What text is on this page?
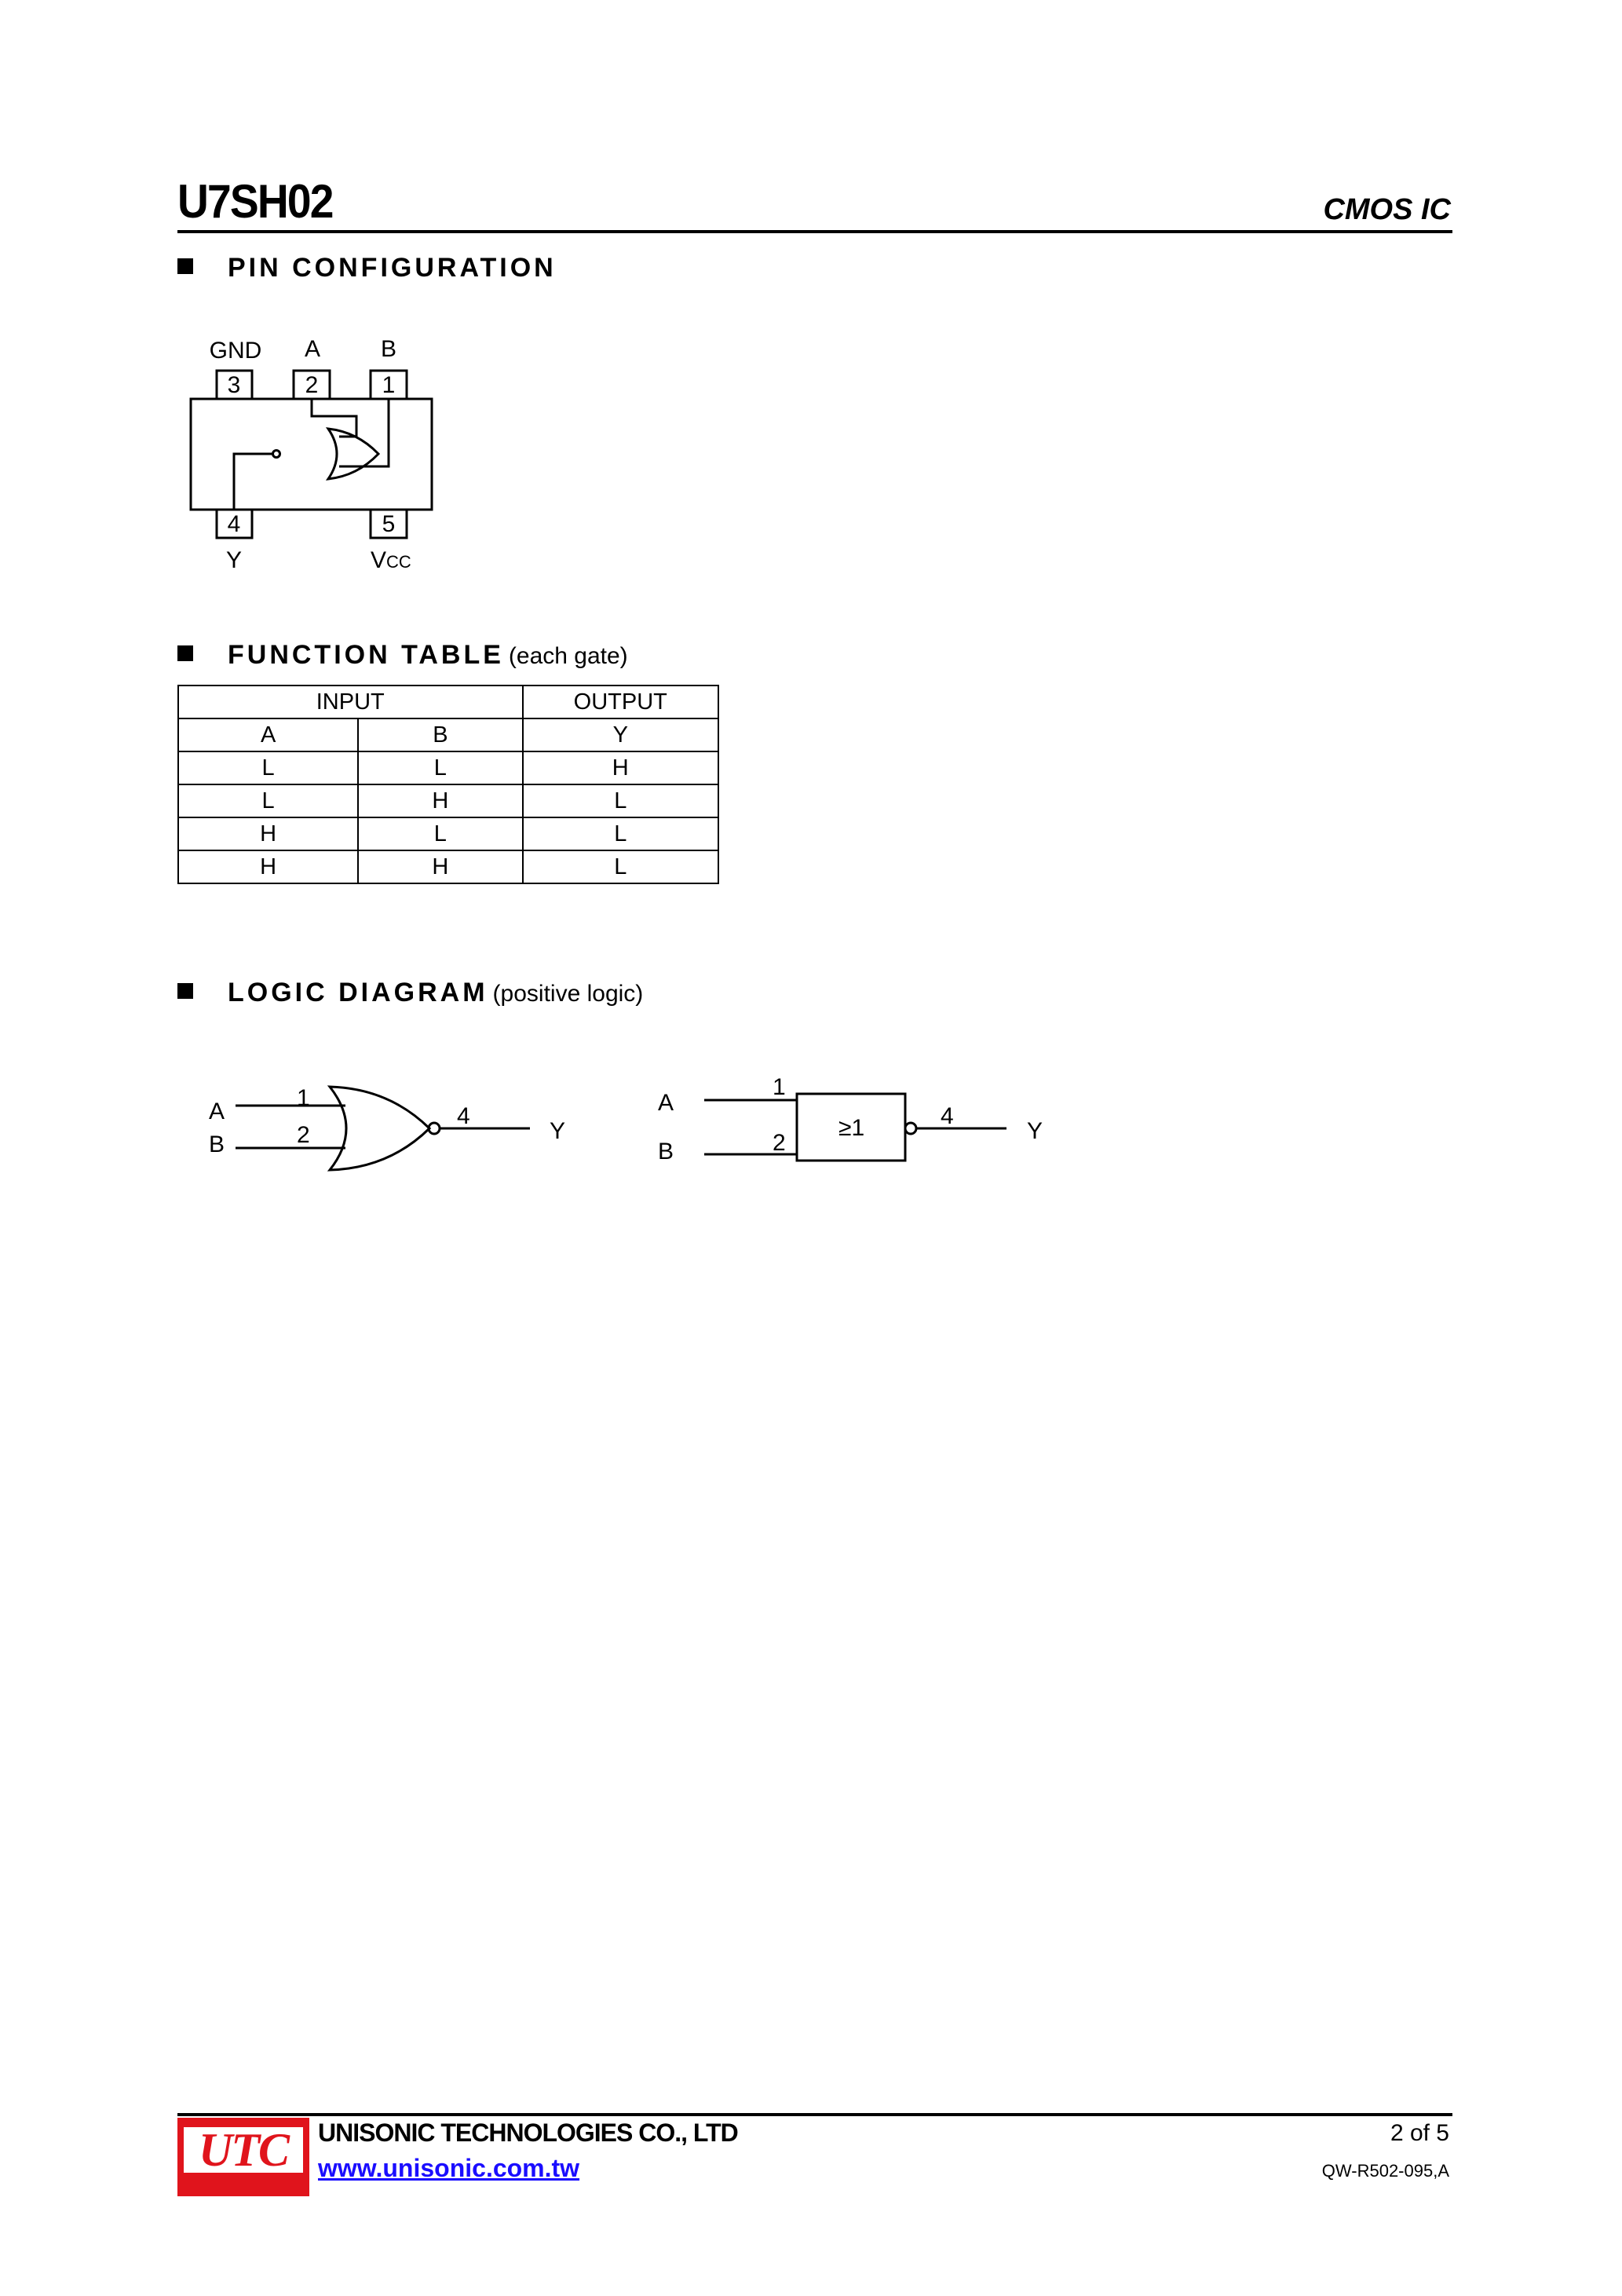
U7SH02	CMOS IC
PIN CONFIGURATION
GND A	B
3	2	1
4	5
Y	VCC
FUNCTION TABLE (each gate)
INPUT		OUTPUT
A	B	Y
L	L	H
L	H	L
H	L	L
H	H	L
LOGIC DIAGRAM (positive logic)
A
B
1
2
4
Y
A
B
1
2
≥1	4
Y
UTC	UNISONIC TECHNOLOGIES CO., LTD
www.unisonic.com.tw
2 of 5
QW-R502-095,A
